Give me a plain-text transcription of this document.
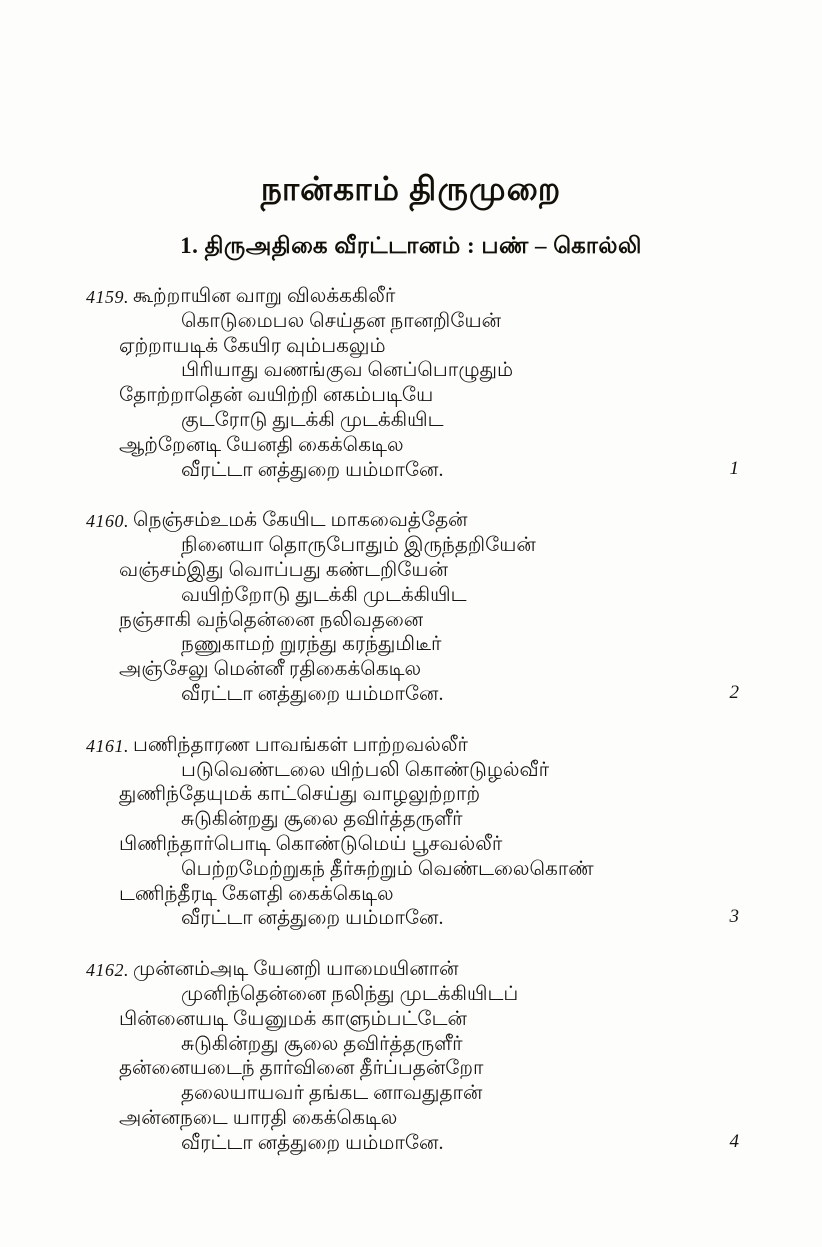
நான்காம் திருமுறை
1. திருஅதிகை வீரட்டானம் : பண் – கொல்லி
4159. கூற்றாயின வாறு விலக்ககிலீர்
கொடுமைபல செய்தன நானறியேன்
ஏற்றாயடிக் கேயிர வும்பகலும்
பிரியாது வணங்குவ னெப்பொழுதும்
தோற்றாதென் வயிற்றி னகம்படியே
குடரோடு துடக்கி முடக்கியிட
ஆற்றேனடி யேனதி கைக்கெடில
வீரட்டா னத்துறை யம்மானே.	1
4160. நெஞ்சம்உமக் கேயிட மாகவைத்தேன்
நினையா தொருபோதும் இருந்தறியேன்
வஞ்சம்இது வொப்பது கண்டறியேன்
வயிற்றோடு துடக்கி முடக்கியிட
நஞ்சாகி வந்தென்னை நலிவதனை
நணுகாமற் றுரந்து கரந்துமிடீர்
அஞ்சேலு மென்னீ ரதிகைக்கெடில
வீரட்டா னத்துறை யம்மானே.	2
4161. பணிந்தாரண பாவங்கள் பாற்றவல்லீர்
படுவெண்டலை யிற்பலி கொண்டுழல்வீர்
துணிந்தேயுமக் காட்செய்து வாழலுற்றாற்
சுடுகின்றது சூலை தவிர்த்தருளீர்
பிணிந்தார்பொடி கொண்டுமெய் பூசவல்லீர்
பெற்றமேற்றுகந் தீர்சுற்றும் வெண்டலைகொண்
டணிந்தீரடி கேளதி கைக்கெடில
வீரட்டா னத்துறை யம்மானே.	3
4162. முன்னம்அடி யேனறி யாமையினான்
முனிந்தென்னை நலிந்து முடக்கியிடப்
பின்னையடி யேனுமக் காளும்பட்டேன்
சுடுகின்றது சூலை தவிர்த்தருளீர்
தன்னையடைந் தார்வினை தீர்ப்பதன்றோ
தலையாயவர் தங்கட னாவதுதான்
அன்னநடை யாரதி கைக்கெடில
வீரட்டா னத்துறை யம்மானே.	4
